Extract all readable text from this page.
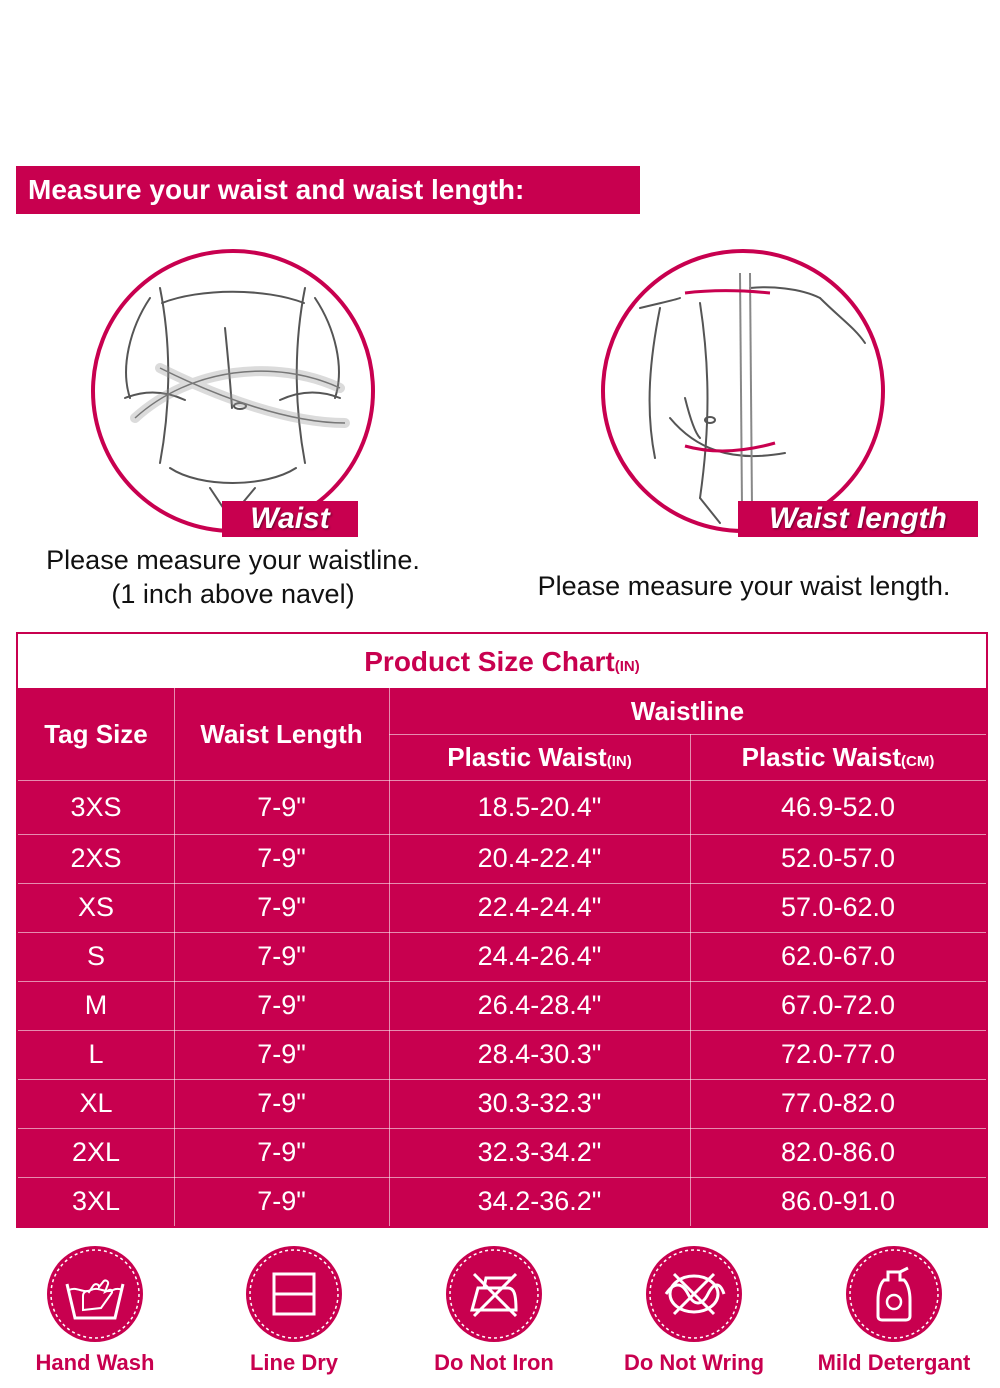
Measure your waist and waist length:
Waist
Please measure your waistline.
(1 inch above navel)
Waist length
Please measure your waist length.
Product Size Chart(IN)
Tag Size	Waist Length
Waistline
Plastic Waist (IN)	Plastic Waist (CM)
3XS	7-9"	18.5-20.4"	46.9-52.0
2XS	7-9"	20.4-22.4"	52.0-57.0
XS	7-9"	22.4-24.4"	57.0-62.0
S	7-9"	24.4-26.4"	62.0-67.0
M	7-9"	26.4-28.4"	67.0-72.0
L	7-9"	28.4-30.3"	72.0-77.0
XL	7-9"	30.3-32.3"	77.0-82.0
2XL	7-9"	32.3-34.2"	82.0-86.0
3XL	7-9"	34.2-36.2"	86.0-91.0
Hand Wash	Line Dry	Do Not Iron	Do Not Wring	Mild Detergant
